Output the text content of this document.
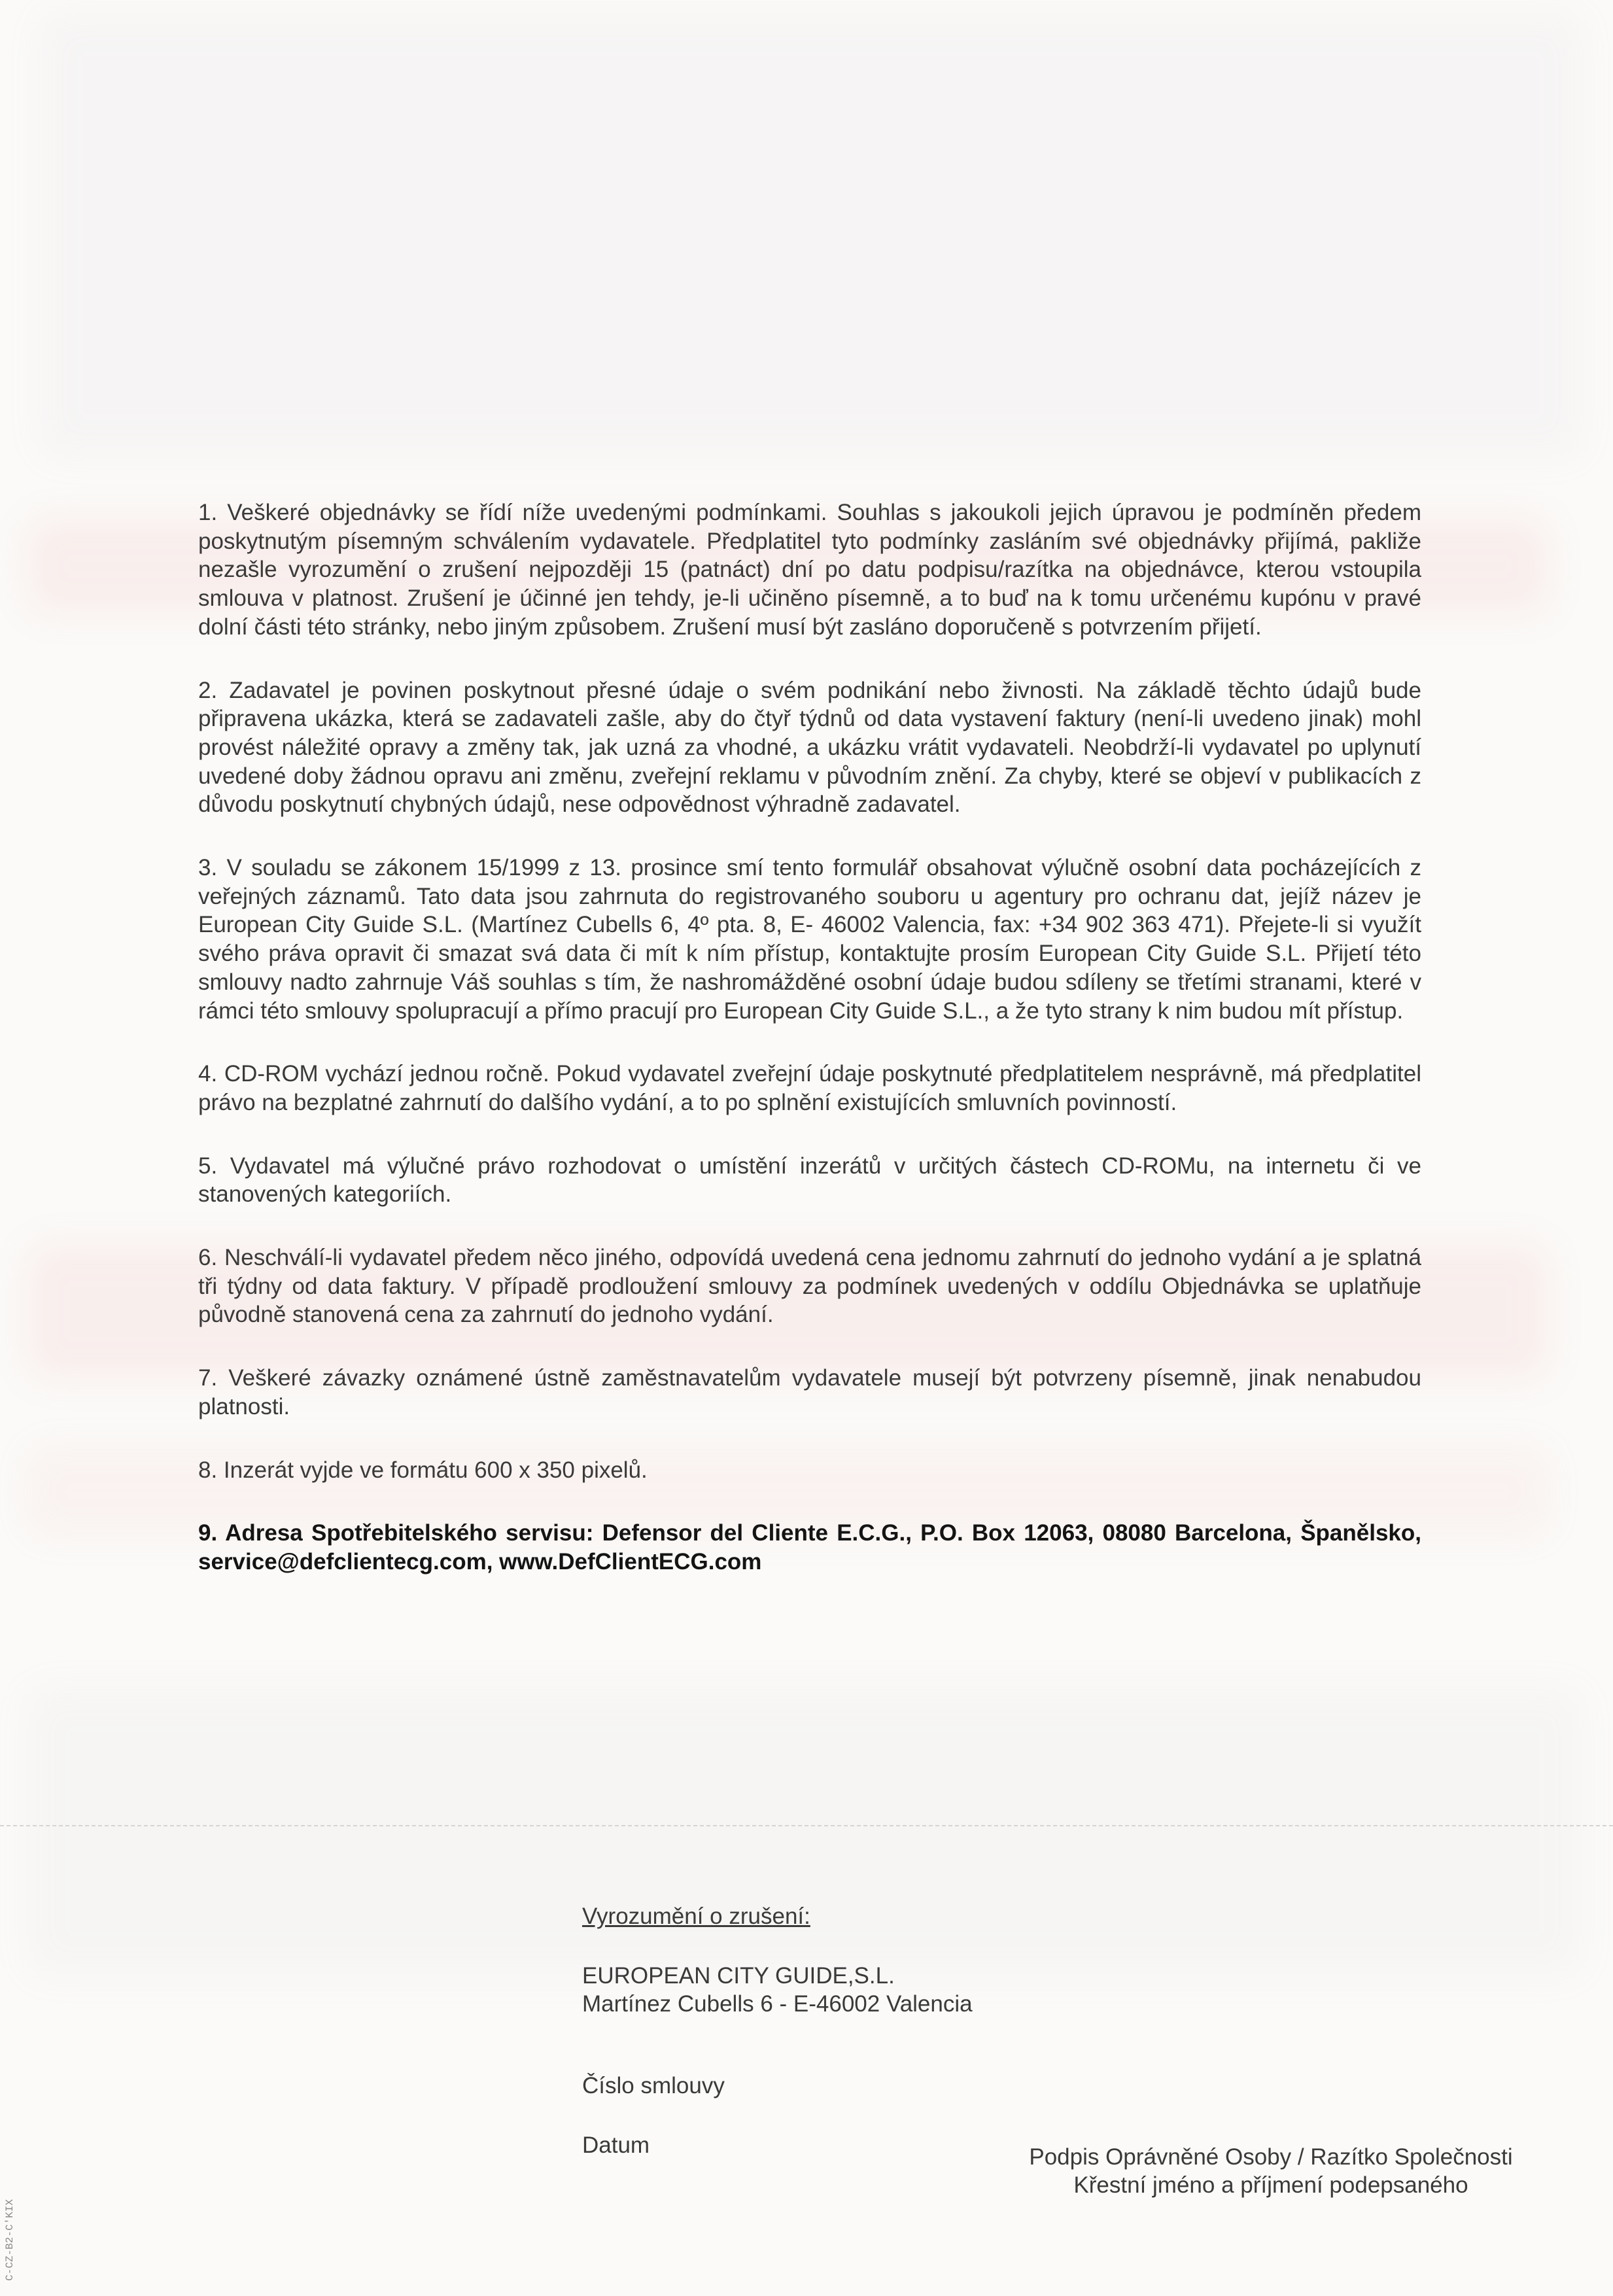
1. Veškeré objednávky se řídí níže uvedenými podmínkami. Souhlas s jakoukoli jejich úpravou je podmíněn předem poskytnutým písemným schválením vydavatele. Předplatitel tyto podmínky zasláním své objednávky přijímá, pakliže nezašle vyrozumění o zrušení nejpozději 15 (patnáct) dní po datu podpisu/razítka na objednávce, kterou vstoupila smlouva v platnost. Zrušení je účinné jen tehdy, je-li učiněno písemně, a to buď na k tomu určenému kupónu v pravé dolní části této stránky, nebo jiným způsobem. Zrušení musí být zasláno doporučeně s potvrzením přijetí.

2. Zadavatel je povinen poskytnout přesné údaje o svém podnikání nebo živnosti. Na základě těchto údajů bude připravena ukázka, která se zadavateli zašle, aby do čtyř týdnů od data vystavení faktury (není-li uvedeno jinak) mohl provést náležité opravy a změny tak, jak uzná za vhodné, a ukázku vrátit vydavateli. Neobdrží-li vydavatel po uplynutí uvedené doby žádnou opravu ani změnu, zveřejní reklamu v původním znění. Za chyby, které se objeví v publikacích z důvodu poskytnutí chybných údajů, nese odpovědnost výhradně zadavatel.

3. V souladu se zákonem 15/1999 z 13. prosince smí tento formulář obsahovat výlučně osobní data pocházejících z veřejných záznamů. Tato data jsou zahrnuta do registrovaného souboru u agentury pro ochranu dat, jejíž název je European City Guide S.L. (Martínez Cubells 6, 4º pta. 8, E- 46002 Valencia, fax: +34 902 363 471). Přejete-li si využít svého práva opravit či smazat svá data či mít k ním přístup, kontaktujte prosím European City Guide S.L. Přijetí této smlouvy nadto zahrnuje Váš souhlas s tím, že nashromážděné osobní údaje budou sdíleny se třetími stranami, které v rámci této smlouvy spolupracují a přímo pracují pro European City Guide S.L., a že tyto strany k nim budou mít přístup.

4. CD-ROM vychází jednou ročně. Pokud vydavatel zveřejní údaje poskytnuté předplatitelem nesprávně, má předplatitel právo na bezplatné zahrnutí do dalšího vydání, a to po splnění existujících smluvních povinností.

5. Vydavatel má výlučné právo rozhodovat o umístění inzerátů v určitých částech CD-ROMu, na internetu či ve stanovených kategoriích.

6. Neschválí-li vydavatel předem něco jiného, odpovídá uvedená cena jednomu zahrnutí do jednoho vydání a je splatná tři týdny od data faktury. V případě prodloužení smlouvy za podmínek uvedených v oddílu Objednávka se uplatňuje původně stanovená cena za zahrnutí do jednoho vydání.

7. Veškeré závazky oznámené ústně zaměstnavatelům vydavatele musejí být potvrzeny písemně, jinak nenabudou platnosti.

8. Inzerát vyjde ve formátu 600 x 350 pixelů.

9. Adresa Spotřebitelského servisu: Defensor del Cliente E.C.G., P.O. Box 12063, 08080 Barcelona, Španělsko, service@defclientecg.com, www.DefClientECG.com

Vyrozumění o zrušení:
EUROPEAN CITY GUIDE,S.L.
Martínez Cubells 6 - E-46002 Valencia
Číslo smlouvy
Datum	Podpis Oprávněné Osoby / Razítko Společnosti
Křestní jméno a příjmení podepsaného
C-CZ-B2-C'KIX
